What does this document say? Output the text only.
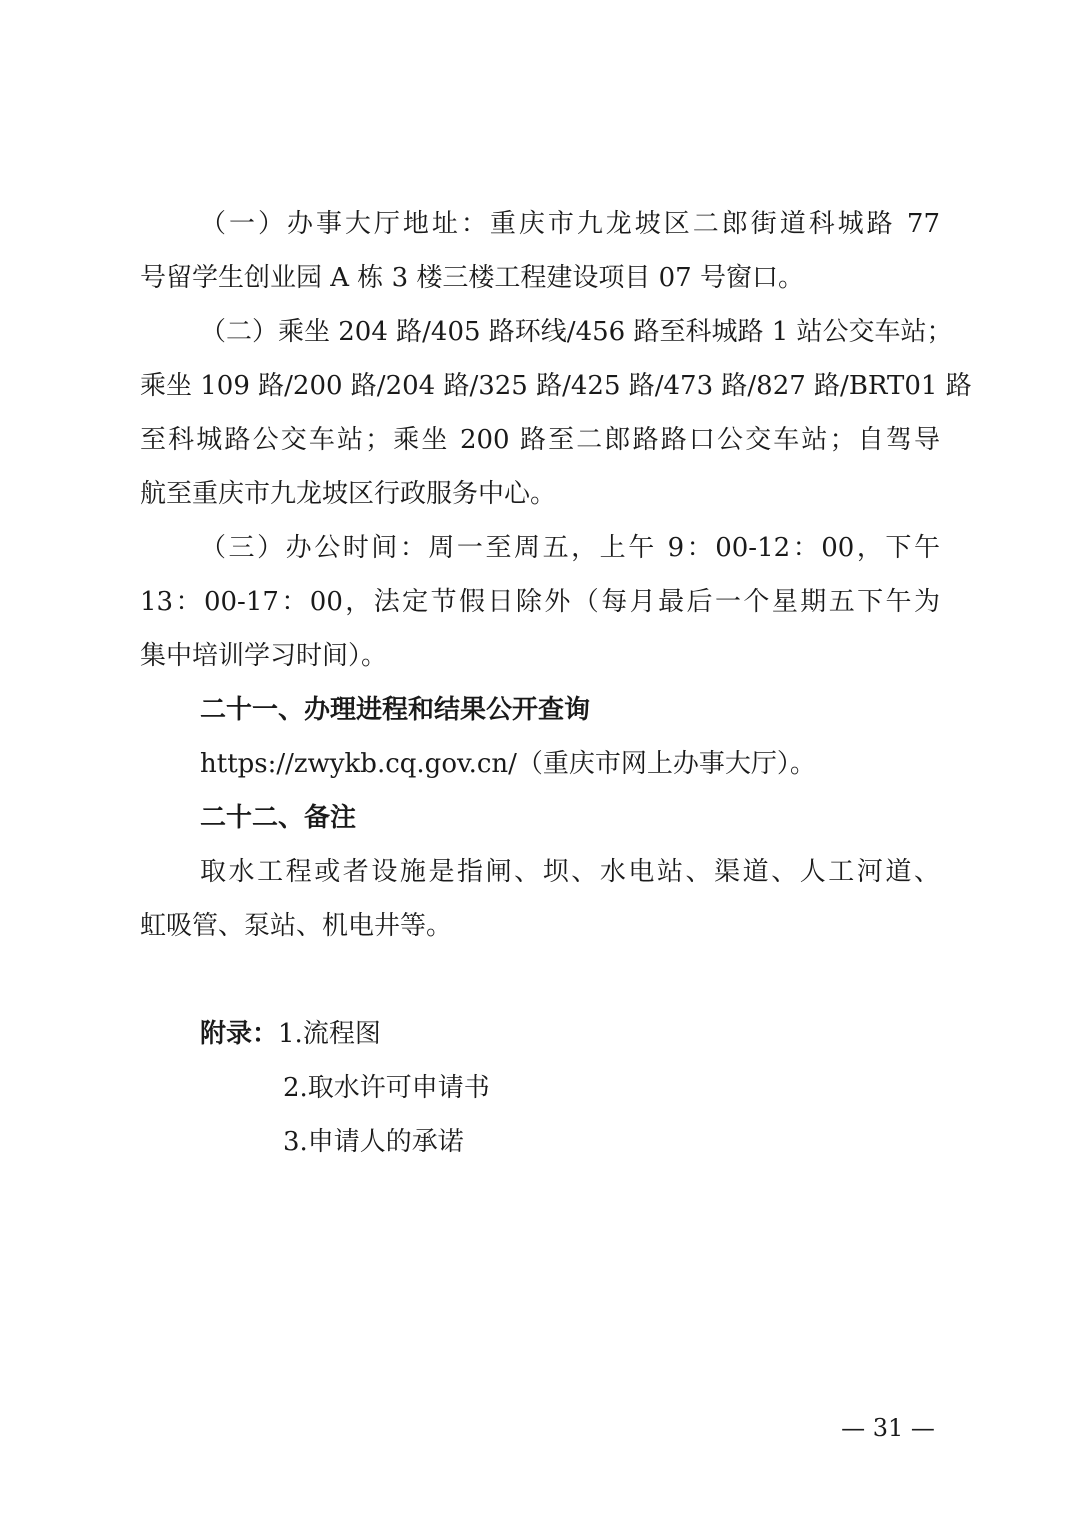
（一）办事大厅地址：重庆市九龙坡区二郎街道科城路 77
号留学生创业园 A 栋 3 楼三楼工程建设项目 07 号窗口。
（二）乘坐 204 路/405 路环线/456 路至科城路 1 站公交车站；
乘坐 109 路/200 路/204 路/325 路/425 路/473 路/827 路/BRT01 路
至科城路公交车站；乘坐 200 路至二郎路路口公交车站；自驾导
航至重庆市九龙坡区行政服务中心。
（三）办公时间：周一至周五，上午 9：00-12：00，下午
13：00-17：00，法定节假日除外（每月最后一个星期五下午为
集中培训学习时间）。
二十一、办理进程和结果公开查询
https://zwykb.cq.gov.cn/（重庆市网上办事大厅）。
二十二、备注
取水工程或者设施是指闸、坝、水电站、渠道、人工河道、
虹吸管、泵站、机电井等。
附录：1.流程图
2.取水许可申请书
3.申请人的承诺
— 31 —
